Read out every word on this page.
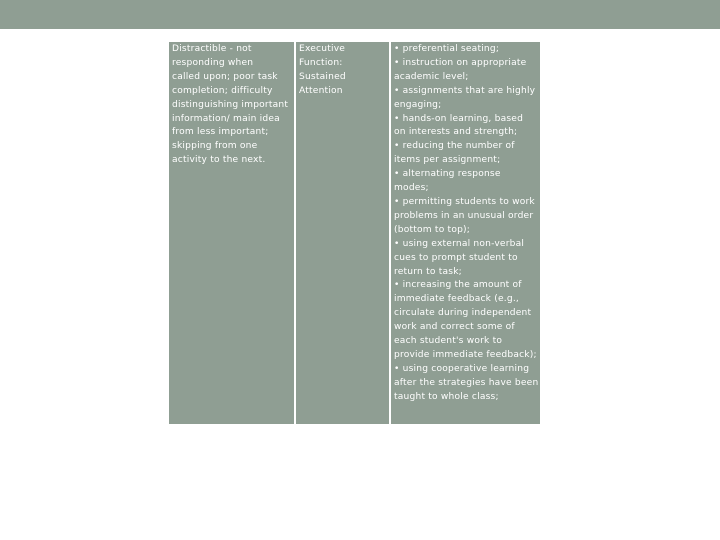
Distractible - not
responding when
called upon; poor task
completion; difficulty
distinguishing important
information/ main idea
from less important;
skipping from one
activity to the next.
Executive
Function:
Sustained
Attention
• preferential seating;
• instruction on appropriate
academic level;
• assignments that are highly
engaging;
• hands-on learning, based
on interests and strength;
• reducing the number of
items per assignment;
• alternating response
modes;
• permitting students to work
problems in an unusual order
(bottom to top);
• using external non-verbal
cues to prompt student to
return to task;
• increasing the amount of
immediate feedback (e.g.,
circulate during independent
work and correct some of
each student's work to
provide immediate feedback);
• using cooperative learning
after the strategies have been
taught to whole class;
